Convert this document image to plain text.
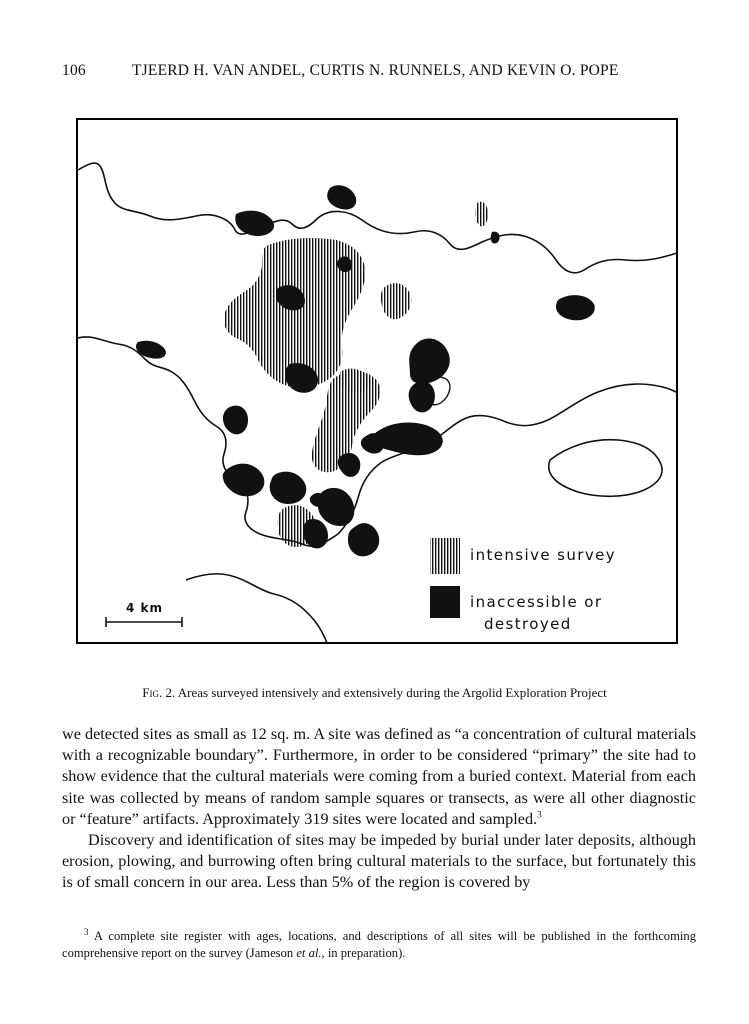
106	TJEERD H. VAN ANDEL, CURTIS N. RUNNELS, AND KEVIN O. POPE
intensive survey
inaccessible or
destroyed
4 km
Fig. 2. Areas surveyed intensively and extensively during the Argolid Exploration Project

we detected sites as small as 12 sq. m. A site was defined as “a concentration of cultural materials with a recognizable boundary”. Furthermore, in order to be considered “primary” the site had to show evidence that the cultural materials were coming from a buried context. Material from each site was collected by means of random sample squares or transects, as were all other diagnostic or “feature” artifacts. Approximately 319 sites were located and sampled.$^3$

Discovery and identification of sites may be impeded by burial under later deposits, although erosion, plowing, and burrowing often bring cultural materials to the surface, but fortunately this is of small concern in our area. Less than 5% of the region is covered by

$^3$ A complete site register with ages, locations, and descriptions of all sites will be published in the forthcoming comprehensive report on the survey (Jameson et al., in preparation).
